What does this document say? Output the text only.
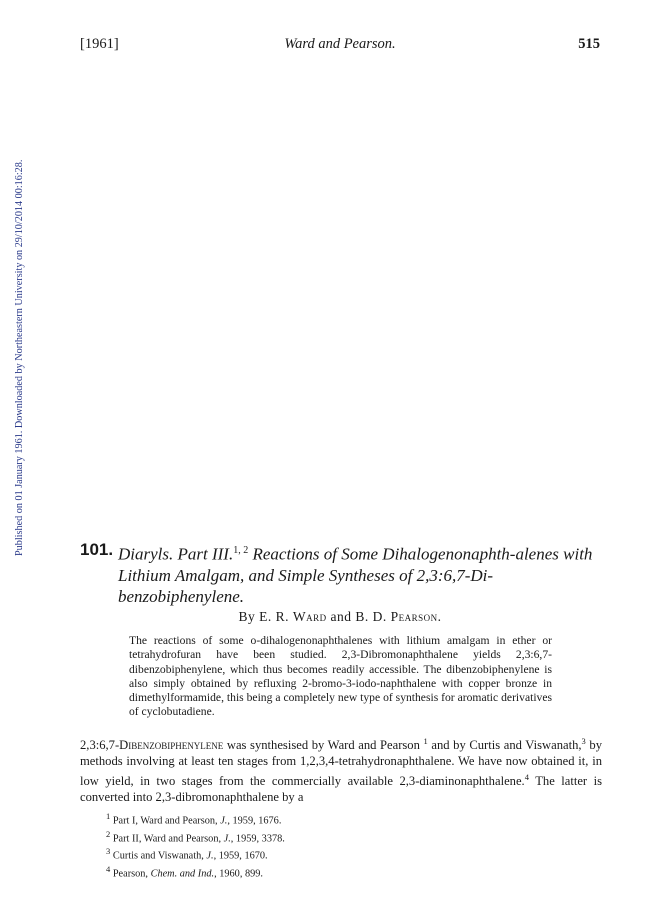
[1961]	Ward and Pearson.	515
Published on 01 January 1961. Downloaded by Northeastern University on 29/10/2014 00:16:28.	101. Diaryls. Part III.$^{1, 2}$ Reactions of Some Dihalogenonaphth-alenes with Lithium Amalgam, and Simple Syntheses of 2,3:6,7-Di-benzobiphenylene.

By E. R. Ward and B. D. Pearson.

The reactions of some o-dihalogenonaphthalenes with lithium amalgam in ether or tetrahydrofuran have been studied. 2,3-Dibromonaphthalene yields 2,3:6,7-dibenzobiphenylene, which thus becomes readily accessible. The dibenzobiphenylene is also simply obtained by refluxing 2-bromo-3-iodo-naphthalene with copper bronze in dimethylformamide, this being a completely new type of synthesis for aromatic derivatives of cyclobutadiene.

2,3:6,7-Dibenzobiphenylene was synthesised by Ward and Pearson $^1$ and by Curtis and Viswanath,$^3$ by methods involving at least ten stages from 1,2,3,4-tetrahydronaphthalene. We have now obtained it, in low yield, in two stages from the commercially available 2,3-diaminonaphthalene.$^4$ The latter is converted into 2,3-dibromonaphthalene by a

$^1$ Part I, Ward and Pearson, J., 1959, 1676.

$^2$ Part II, Ward and Pearson, J., 1959, 3378.

$^3$ Curtis and Viswanath, J., 1959, 1670.

$^4$ Pearson, Chem. and Ind., 1960, 899.
